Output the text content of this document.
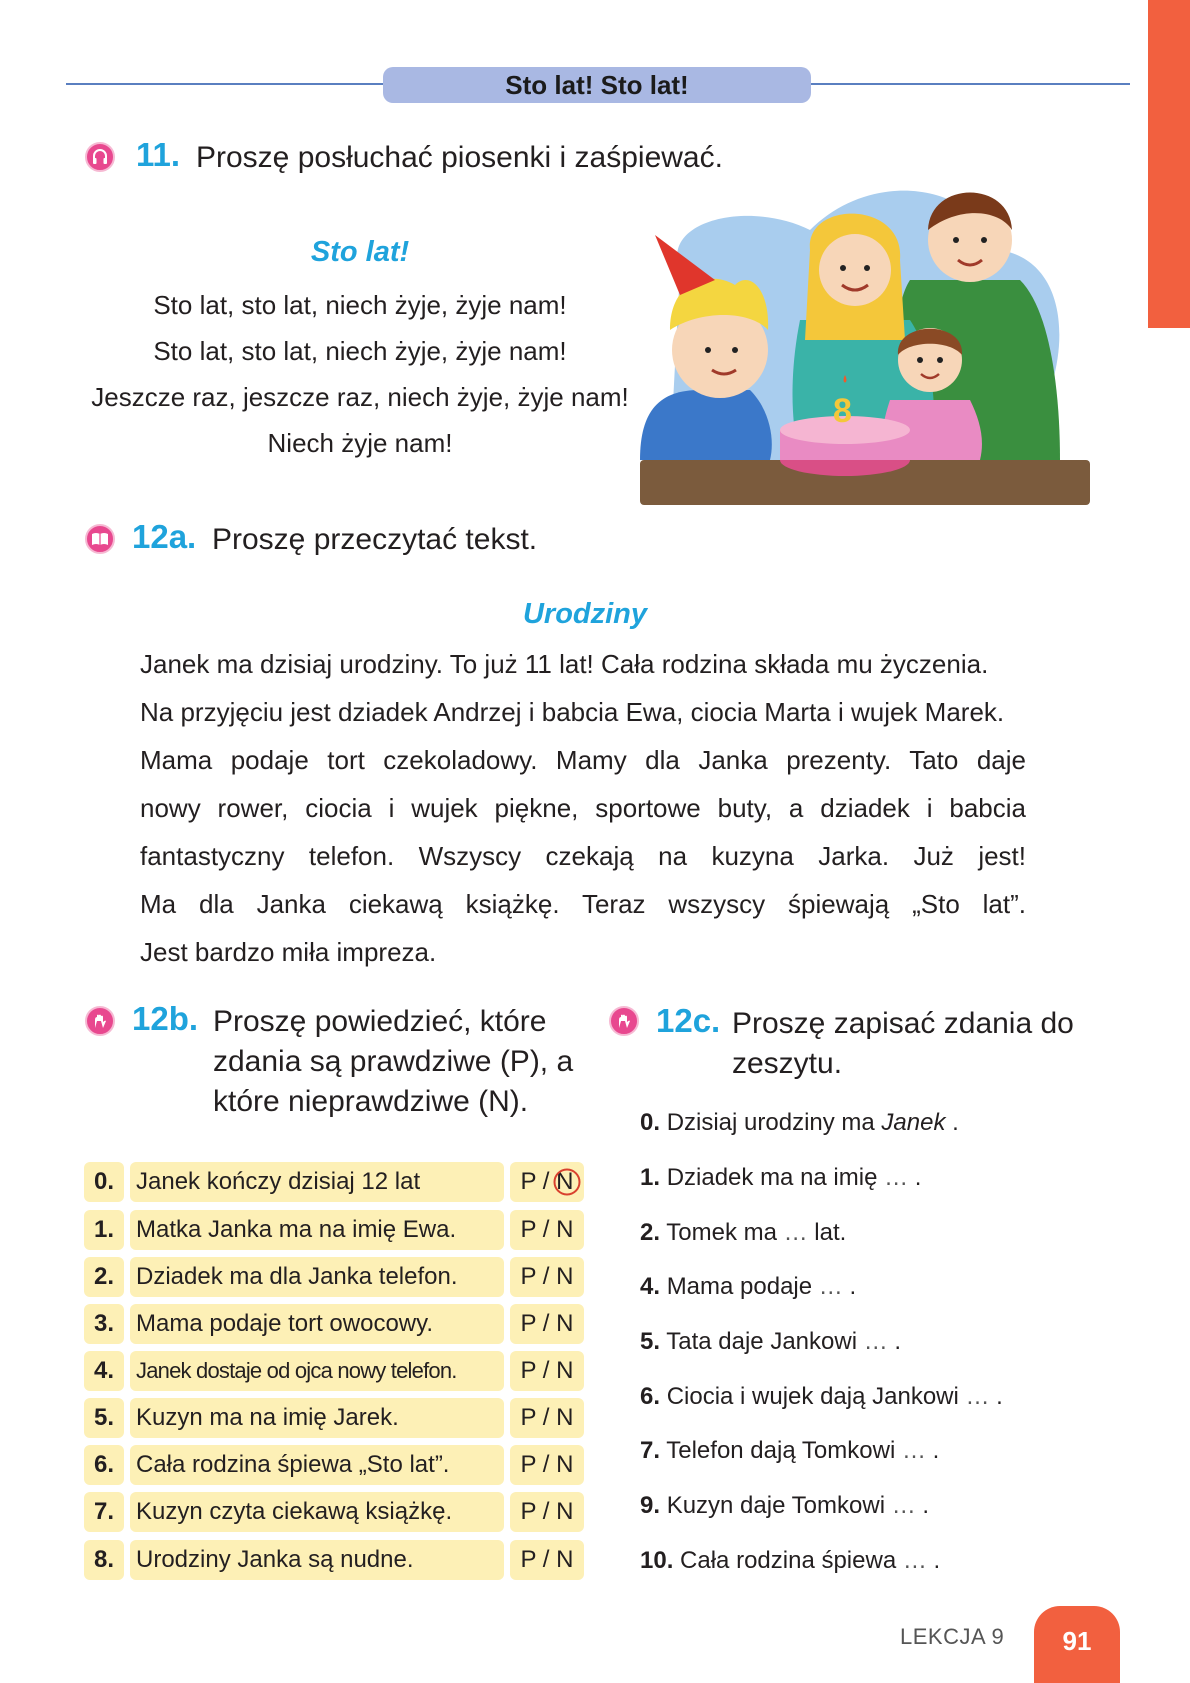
Sto lat! Sto lat!
11. Proszę posłuchać piosenki i zaśpiewać.
Sto lat!
Sto lat, sto lat, niech żyje, żyje nam!
Sto lat, sto lat, niech żyje, żyje nam!
Jeszcze raz, jeszcze raz, niech żyje, żyje nam!
Niech żyje nam!
8
12a. Proszę przeczytać tekst.
Urodziny
Janek ma dzisiaj urodziny. To już 11 lat! Cała rodzina składa mu życzenia.
Na przyjęciu jest dziadek Andrzej i babcia Ewa, ciocia Marta i wujek Marek.
Mama podaje tort czekoladowy. Mamy dla Janka prezenty. Tato daje
nowy rower, ciocia i wujek piękne, sportowe buty, a dziadek i babcia
fantastyczny telefon. Wszyscy czekają na kuzyna Jarka. Już jest!
Ma dla Janka ciekawą książkę. Teraz wszyscy śpiewają „Sto lat”.
Jest bardzo miła impreza.
12b. Proszę powiedzieć, które
zdania są prawdziwe (P), a
które nieprawdziwe (N).
0. Janek kończy dzisiaj 12 lat	P / N
1. Matka Janka ma na imię Ewa.	P / N
2. Dziadek ma dla Janka telefon.	P / N
3. Mama podaje tort owocowy.	P / N
4.	Janek dostaje od ojca nowy telefon.	P / N
5. Kuzyn ma na imię Jarek.	P / N
6. Cała rodzina śpiewa „Sto lat”.	P / N
7. Kuzyn czyta ciekawą książkę.	P / N
8. Urodziny Janka są nudne.	P / N
12c. Proszę zapisać zdania do
zeszytu.
0. Dzisiaj urodziny ma Janek .
1. Dziadek ma na imię … .
2. Tomek ma … lat.
4. Mama podaje … .
5. Tata daje Jankowi … .
6. Ciocia i wujek dają Jankowi … .
7. Telefon dają Tomkowi … .
9. Kuzyn daje Tomkowi … .
10. Cała rodzina śpiewa … .
LEKCJA 9	91
